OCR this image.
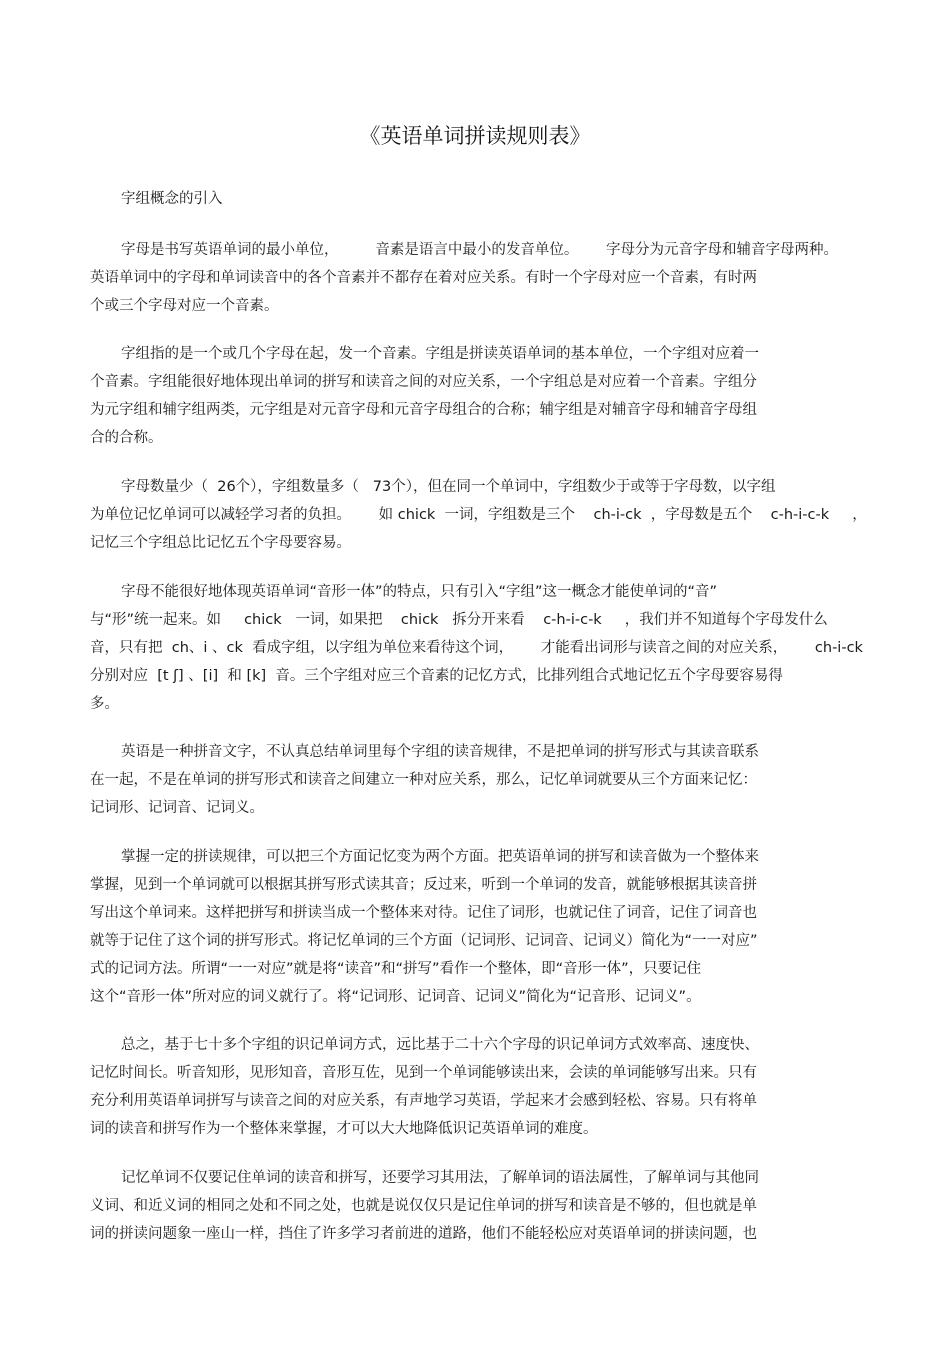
《英语单词拼读规则表》
字组概念的引入
字母是书写英语单词的最小单位，        音素是语言中最小的发音单位。      字母分为元音字母和辅音字母两种。
英语单词中的字母和单词读音中的各个音素并不都存在着对应关系。有时一个字母对应一个音素，有时两
个或三个字母对应一个音素。
字组指的是一个或几个字母在起，发一个音素。字组是拼读英语单词的基本单位，一个字组对应着一
个音素。字组能很好地体现出单词的拼写和读音之间的对应关系，一个字组总是对应着一个音素。字组分
为元字组和辅字组两类，元字组是对元音字母和元音字母组合的合称；辅字组是对辅音字母和辅音字母组
合的合称。
字母数量少（  26个），字组数量多（   73个），但在同一个单词中，字组数少于或等于字母数，以字组
为单位记忆单词可以减轻学习者的负担。      如 chick  一词，字组数是三个    ch-i-ck  ，字母数是五个    c-h-i-c-k     ，
记忆三个字组总比记忆五个字母要容易。
字母不能很好地体现英语单词“音形一体”的特点，只有引入“字组”这一概念才能使单词的“音”
与“形”统一起来。如     chick   一词，如果把    chick   拆分开来看    c-h-i-c-k     ，我们并不知道每个字母发什么
音，只有把  ch、i 、ck  看成字组，以字组为单位来看待这个词，      才能看出词形与读音之间的对应关系，      ch-i-ck
分别对应  [t ʃ] 、[i]  和 [k]  音。三个字组对应三个音素的记忆方式，比排列组合式地记忆五个字母要容易得
多。
英语是一种拼音文字，不认真总结单词里每个字组的读音规律，不是把单词的拼写形式与其读音联系
在一起，不是在单词的拼写形式和读音之间建立一种对应关系，那么，记忆单词就要从三个方面来记忆：
记词形、记词音、记词义。
掌握一定的拼读规律，可以把三个方面记忆变为两个方面。把英语单词的拼写和读音做为一个整体来
掌握，见到一个单词就可以根据其拼写形式读其音；反过来，听到一个单词的发音，就能够根据其读音拼
写出这个单词来。这样把拼写和拼读当成一个整体来对待。记住了词形，也就记住了词音，记住了词音也
就等于记住了这个词的拼写形式。将记忆单词的三个方面（记词形、记词音、记词义）简化为“一一对应”
式的记词方法。所谓“一一对应”就是将“读音”和“拼写”看作一个整体，即“音形一体”，只要记住
这个“音形一体”所对应的词义就行了。将“记词形、记词音、记词义”简化为“记音形、记词义”。
总之，基于七十多个字组的识记单词方式，远比基于二十六个字母的识记单词方式效率高、速度快、
记忆时间长。听音知形，见形知音，音形互佐，见到一个单词能够读出来，会读的单词能够写出来。只有
充分利用英语单词拼写与读音之间的对应关系，有声地学习英语，学起来才会感到轻松、容易。只有将单
词的读音和拼写作为一个整体来掌握，才可以大大地降低识记英语单词的难度。
记忆单词不仅要记住单词的读音和拼写，还要学习其用法，了解单词的语法属性，了解单词与其他同
义词、和近义词的相同之处和不同之处，也就是说仅仅只是记住单词的拼写和读音是不够的，但也就是单
词的拼读问题象一座山一样，挡住了许多学习者前进的道路，他们不能轻松应对英语单词的拼读问题，也
